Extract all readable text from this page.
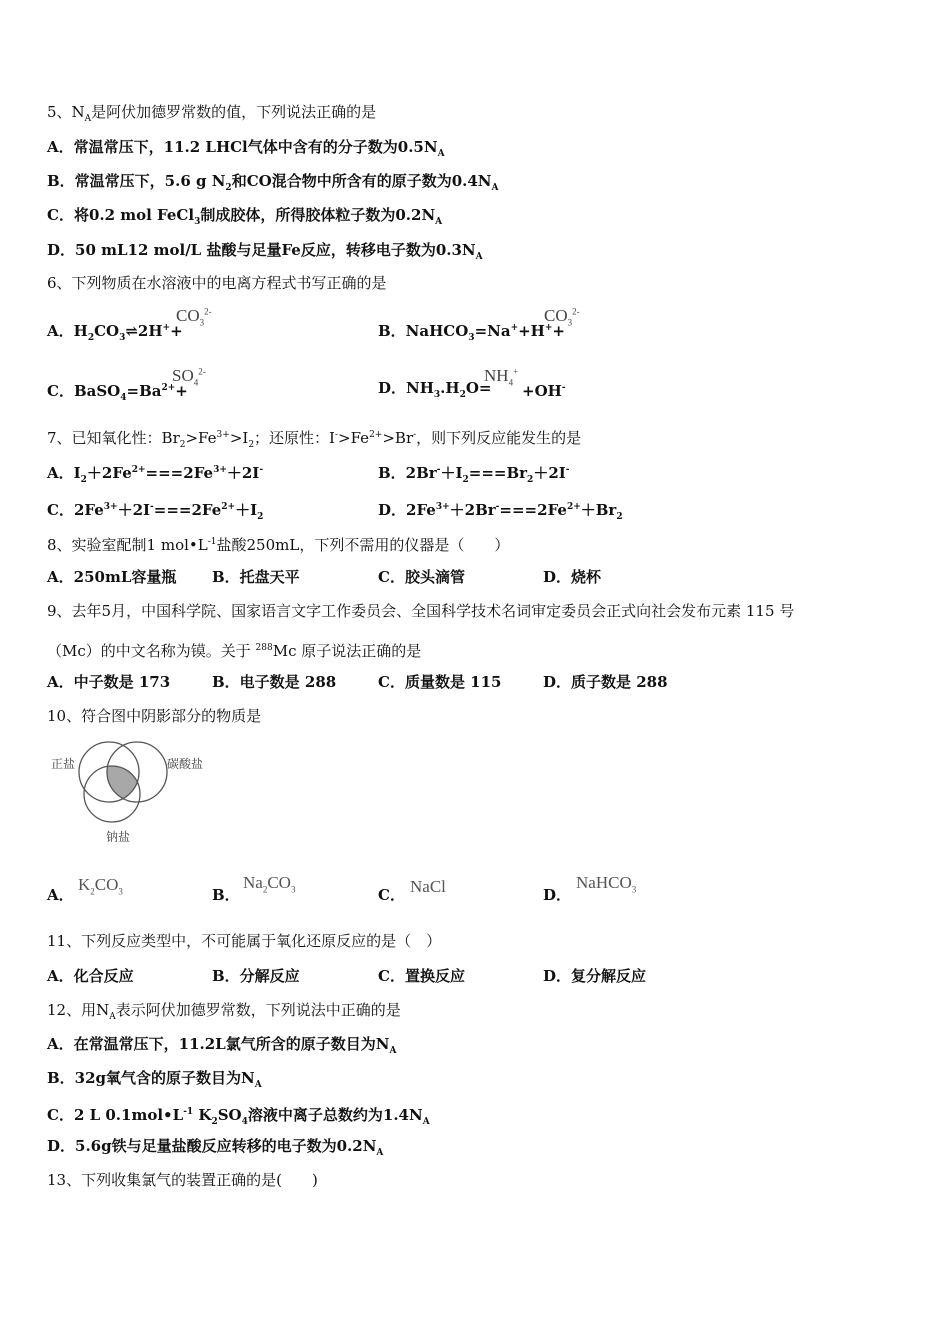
5、$N_A$是阿伏加德罗常数的值，下列说法正确的是
A．常温常压下，11.2 LHCl气体中含有的分子数为$0.5N_A$
B．常温常压下，5.6 g $N_2$和CO混合物中所含有的原子数为$0.4N_A$
C．将0.2 mol FeCl$_3$制成胶体，所得胶体粒子数为$0.2N_A$
D．50 mL12 mol/L 盐酸与足量Fe反应，转移电子数为$0.3N_A$
6、下列物质在水溶液中的电离方程式书写正确的是
A．$H_2CO_3\rightleftharpoons 2H^++$
$CO_3^{2-}$
B．NaHCO$_3$=Na++H++
$CO_3^{2-}$
C．$BaSO_4=Ba^{2+}+$
$SO_4^{2-}$
D．$NH_3.H_2O=$
$NH_4^+$
+OH-
7、已知氧化性：$Br_2>Fe^{3+}>I_2$；还原性：$I^->Fe^{2+}>Br^-$，则下列反应能发生的是
A．$I_2+2Fe^{2+}===2Fe^{3+}+2I^-$	B．$2Br^-+I_2===Br_2+2I^-$
C．$2Fe^{3+}+2I^-===2Fe^{2+}+I_2$	D．$2Fe^{3+}+2Br^-===2Fe^{2+}+Br_2$
8、实验室配制1 $mol•L^{-1}$盐酸250mL，下列不需用的仪器是（　　）
A．250mL容量瓶 B．托盘天平	C．胶头滴管	D．烧杯
9、去年5月，中国科学院、国家语言文字工作委员会、全国科学技术名词审定委员会正式向社会发布元素 115 号
（Mc）的中文名称为镆。关于 $^{288}$Mc 原子说法正确的是
A．中子数是 173	B．电子数是 288	C．质量数是 115	D．质子数是 288
10、符合图中阴影部分的物质是
正盐	碳酸盐
钠盐
A．
$K_2CO_3$	B．
$Na_2CO_3$	C． NaCl	D．
NaHCO$_3$
11、下列反应类型中，不可能属于氧化还原反应的是（　）
A．化合反应	B．分解反应	C．置换反应	D．复分解反应
12、用$N_A$表示阿伏加德罗常数，下列说法中正确的是
A．在常温常压下，11.2L氯气所含的原子数目为$N_A$
B．32g氧气含的原子数目为$N_A$
C．2 L $0.1mol•L^{-1}$ $K_2SO_4$溶液中离子总数约为$1.4N_A$
D．5.6g铁与足量盐酸反应转移的电子数为$0.2N_A$
13、下列收集氯气的装置正确的是(　　)
